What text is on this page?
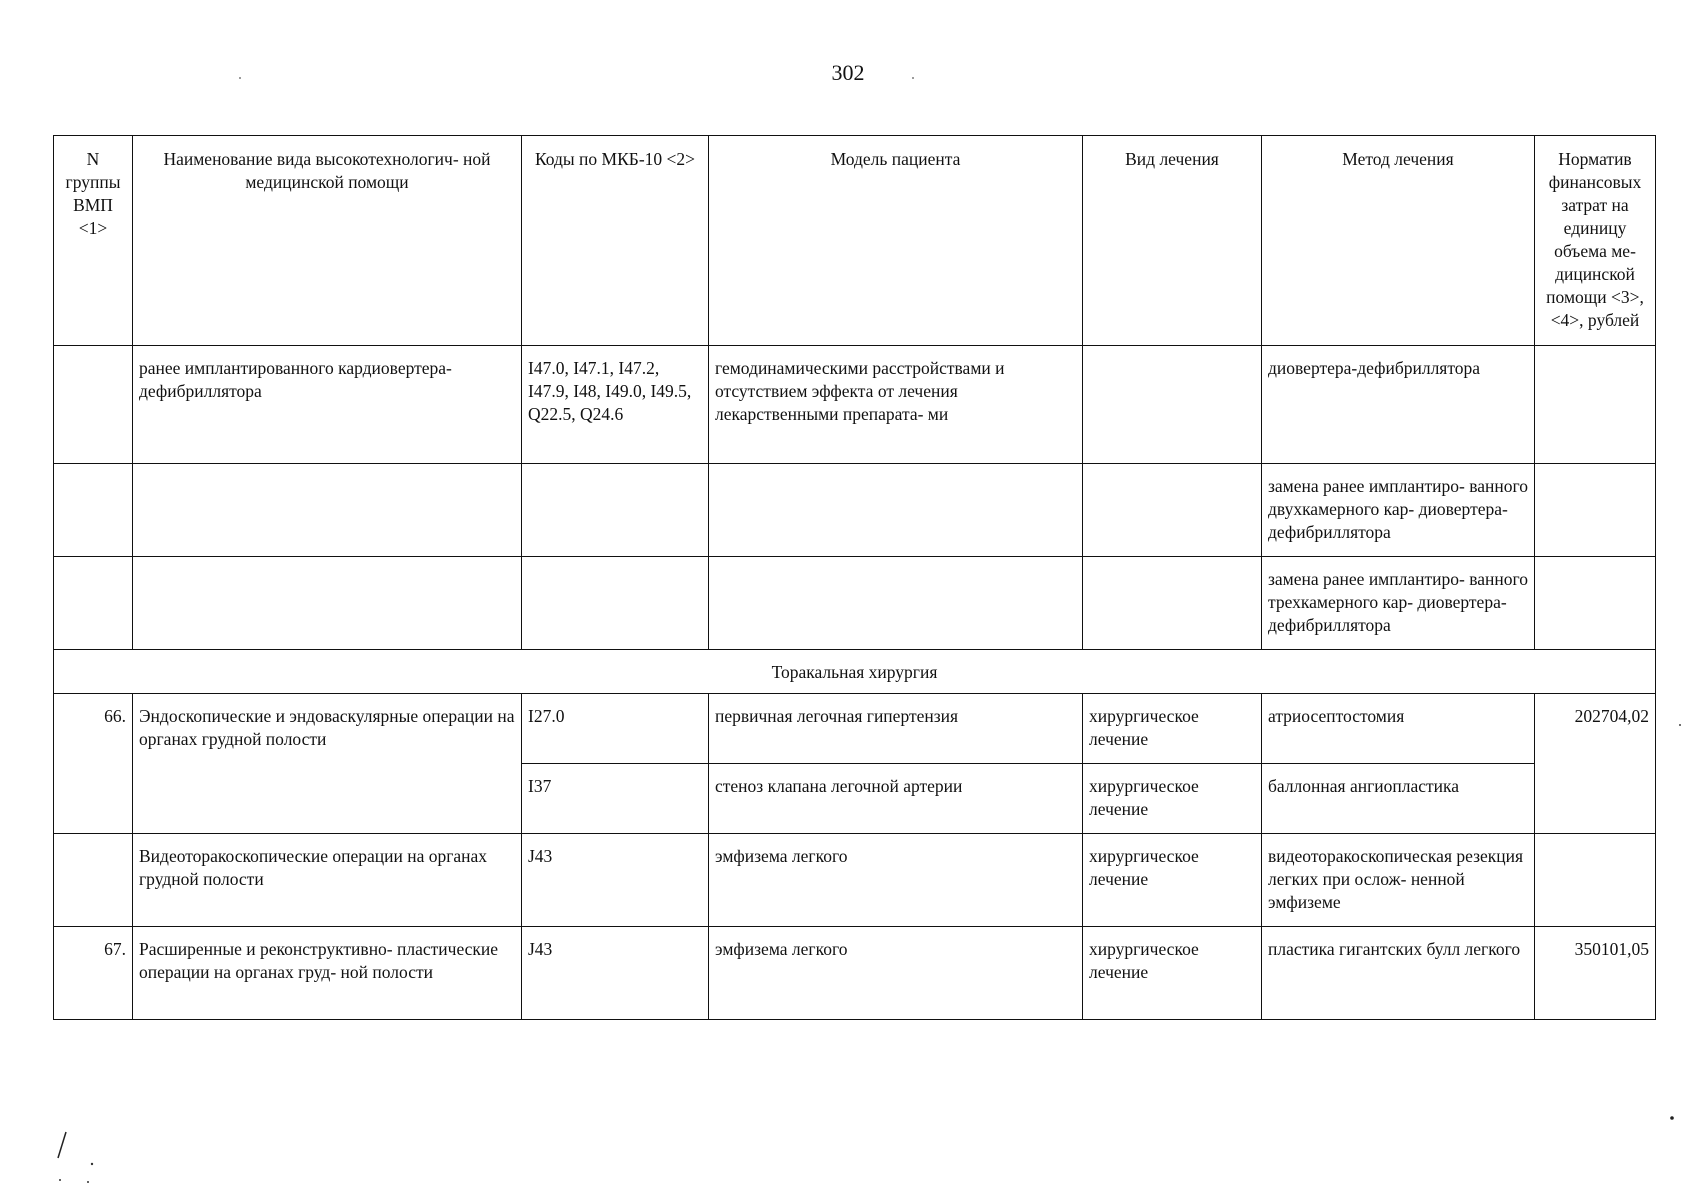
302
N группы ВМП <1>	Наименование вида высокотехнологич- ной медицинской помощи	Коды по МКБ-10 <2>	Модель пациента	Вид лечения	Метод лечения	Норматив финансовых затрат на единицу объема ме- дицинской помощи <3>, <4>, рублей
	ранее имплантированного кардиовертера- дефибриллятора	I47.0, I47.1, I47.2, I47.9, I48, I49.0, I49.5, Q22.5, Q24.6	гемодинамическими расстройствами и отсутствием эффекта от лечения лекарственными препарата- ми		диовертера-дефибриллятора	
					замена ранее имплантиро- ванного двухкамерного кар- диовертера-дефибриллятора	
					замена ранее имплантиро- ванного трехкамерного кар- диовертера-дефибриллятора	
Торакальная хирургия						
66.	Эндоскопические и эндоваскулярные операции на органах грудной полости	I27.0	первичная легочная гипертензия	хирургическое лечение	атриосептостомия	202704,02
		I37	стеноз клапана легочной артерии	хирургическое лечение	баллонная ангиопластика	
	Видеоторакоскопические операции на органах грудной полости	J43	эмфизема легкого	хирургическое лечение	видеоторакоскопическая резекция легких при ослож- ненной эмфиземе	
67.	Расширенные и реконструктивно- пластические операции на органах груд- ной полости	J43	эмфизема легкого	хирургическое лечение	пластика гигантских булл легкого	350101,05
